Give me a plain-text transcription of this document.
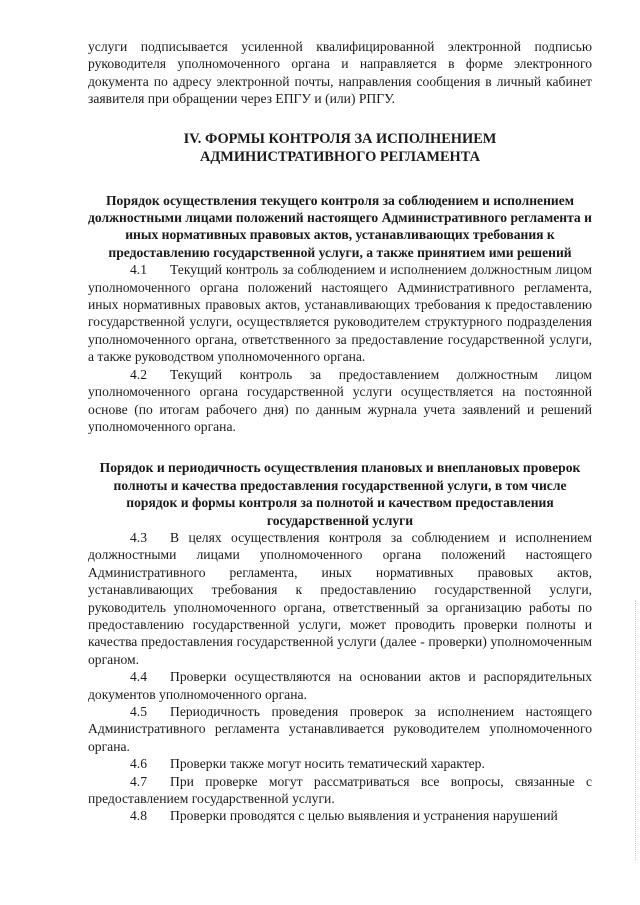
услуги подписывается усиленной квалифицированной электронной подписью руководителя уполномоченного органа и направляется в форме электронного документа по адресу электронной почты, направления сообщения в личный кабинет заявителя при обращении через ЕПГУ и (или) РПГУ.

IV. ФОРМЫ КОНТРОЛЯ ЗА ИСПОЛНЕНИЕМ
АДМИНИСТРАТИВНОГО РЕГЛАМЕНТА

Порядок осуществления текущего контроля за соблюдением и исполнением должностными лицами положений настоящего Административного регламента и иных нормативных правовых актов, устанавливающих требования к предоставлению государственной услуги, а также принятием ими решений

4.1 Текущий контроль за соблюдением и исполнением должностным лицом уполномоченного органа положений настоящего Административного регламента, иных нормативных правовых актов, устанавливающих требования к предоставлению государственной услуги, осуществляется руководителем структурного подразделения уполномоченного органа, ответственного за предоставление государственной услуги, а также руководством уполномоченного органа.

4.2 Текущий контроль за предоставлением должностным лицом уполномоченного органа государственной услуги осуществляется на постоянной основе (по итогам рабочего дня) по данным журнала учета заявлений и решений уполномоченного органа.

Порядок и периодичность осуществления плановых и внеплановых проверок полноты и качества предоставления государственной услуги, в том числе порядок и формы контроля за полнотой и качеством предоставления государственной услуги

4.3 В целях осуществления контроля за соблюдением и исполнением должностными лицами уполномоченного органа положений настоящего Административного регламента, иных нормативных правовых актов, устанавливающих требования к предоставлению государственной услуги, руководитель уполномоченного органа, ответственный за организацию работы по предоставлению государственной услуги, может проводить проверки полноты и качества предоставления государственной услуги (далее - проверки) уполномоченным органом.

4.4 Проверки осуществляются на основании актов и распорядительных документов уполномоченного органа.

4.5 Периодичность проведения проверок за исполнением настоящего Административного регламента устанавливается руководителем уполномоченного органа.

4.6 Проверки также могут носить тематический характер.

4.7 При проверке могут рассматриваться все вопросы, связанные с предоставлением государственной услуги.

4.8 Проверки проводятся с целью выявления и устранения нарушений
